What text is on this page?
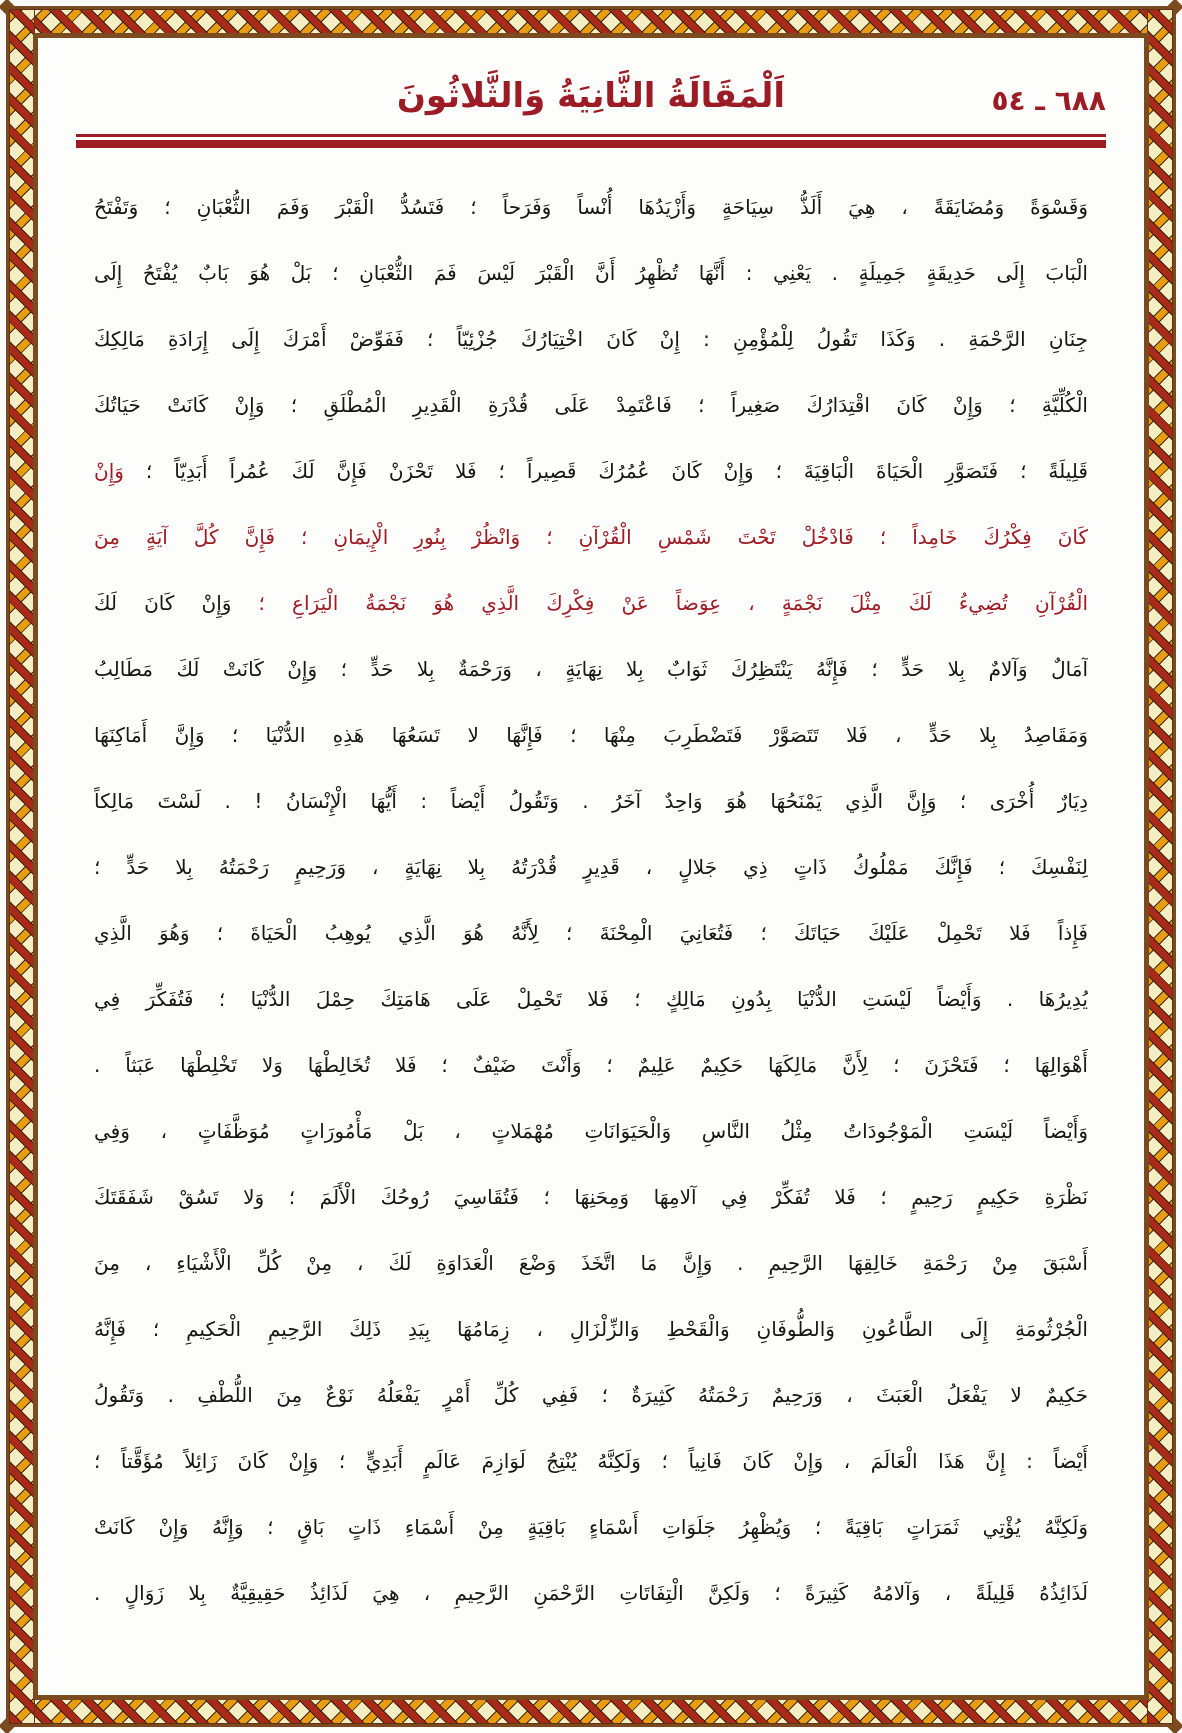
٦٨٨ ـ ٥٤
اَلْمَقَالَةُ الثَّانِيَةُ وَالثَّلاثُونَ
وَقَسْوَةً وَمُضَايَقَةً ، هِيَ أَلَذُّ سِيَاحَةٍ وَأَزْيَدُهَا أُنْساً وَفَرَحاً ؛ فَتَسُدُّ الْقَبْرَ وَفَمَ الثُّعْبَانِ ؛ وَتَفْتَحُ
الْبَابَ إِلَى حَدِيقَةٍ جَمِيلَةٍ . يَعْنِي : أَنَّهَا تُظْهِرُ أَنَّ الْقَبْرَ لَيْسَ فَمَ الثُّعْبَانِ ؛ بَلْ هُوَ بَابٌ يُفْتَحُ إِلَى
جِنَانِ الرَّحْمَةِ . وَكَذَا تَقُولُ لِلْمُؤْمِنِ : إِنْ كَانَ اخْتِيَارُكَ جُزْئِيّاً ؛ فَفَوِّضْ أَمْرَكَ إِلَى إِرَادَةِ مَالِكِكَ
الْكُلِّيَّةِ ؛ وَإِنْ كَانَ اقْتِدَارُكَ صَغِيراً ؛ فَاعْتَمِدْ عَلَى قُدْرَةِ الْقَدِيرِ الْمُطْلَقِ ؛ وَإِنْ كَانَتْ حَيَاتُكَ
قَلِيلَةً ؛ فَتَصَوَّرِ الْحَيَاةَ الْبَاقِيَةَ ؛ وَإِنْ كَانَ عُمُرُكَ قَصِيراً ؛ فَلا تَحْزَنْ فَإِنَّ لَكَ عُمُراً أَبَدِيّاً ؛ وَإِنْ
كَانَ فِكْرُكَ خَامِداً ؛ فَادْخُلْ تَحْتَ شَمْسِ الْقُرْآنِ ؛ وَانْظُرْ بِنُورِ الْإِيمَانِ ؛ فَإِنَّ كُلَّ آيَةٍ مِنَ
الْقُرْآنِ تُضِيءُ لَكَ مِثْلَ نَجْمَةٍ ، عِوَضاً عَنْ فِكْرِكَ الَّذِي هُوَ نَجْمَةُ الْيَرَاعِ ؛ وَإِنْ كَانَ لَكَ
آمَالٌ وَآلامٌ بِلا حَدٍّ ؛ فَإِنَّهُ يَنْتَظِرُكَ ثَوَابٌ بِلا نِهَايَةٍ ، وَرَحْمَةٌ بِلا حَدٍّ ؛ وَإِنْ كَانَتْ لَكَ مَطَالِبُ
وَمَقَاصِدُ بِلا حَدٍّ ، فَلا تَتَصَوَّرْ فَتَضْطَرِبَ مِنْهَا ؛ فَإِنَّهَا لا تَسَعُهَا هَذِهِ الدُّنْيَا ؛ وَإِنَّ أَمَاكِنَهَا
دِيَارٌ أُخْرَى ؛ وَإِنَّ الَّذِي يَمْنَحُهَا هُوَ وَاحِدٌ آخَرُ . وَتَقُولُ أَيْضاً : أَيُّهَا الْإِنْسَانُ ! . لَسْتَ مَالِكاً
لِنَفْسِكَ ؛ فَإِنَّكَ مَمْلُوكُ ذَاتٍ ذِي جَلالٍ ، قَدِيرٍ قُدْرَتُهُ بِلا نِهَايَةٍ ، وَرَحِيمٍ رَحْمَتُهُ بِلا حَدٍّ ؛
فَإِذاً فَلا تَحْمِلْ عَلَيْكَ حَيَاتَكَ ؛ فَتُعَانِيَ الْمِحْنَةَ ؛ لِأَنَّهُ هُوَ الَّذِي يُوهِبُ الْحَيَاةَ ؛ وَهُوَ الَّذِي
يُدِيرُهَا . وَأَيْضاً لَيْسَتِ الدُّنْيَا بِدُونِ مَالِكٍ ؛ فَلا تَحْمِلْ عَلَى هَامَتِكَ حِمْلَ الدُّنْيَا ؛ فَتُفَكِّرَ فِي
أَهْوَالِهَا ؛ فَتَحْزَنَ ؛ لِأَنَّ مَالِكَهَا حَكِيمٌ عَلِيمٌ ؛ وَأَنْتَ ضَيْفٌ ؛ فَلا تُخَالِطْهَا وَلا تَخْلِطْهَا عَبَثاً .
وَأَيْضاً لَيْسَتِ الْمَوْجُودَاتُ مِثْلُ النَّاسِ وَالْحَيَوَانَاتِ مُهْمَلاتٍ ، بَلْ مَأْمُورَاتٍ مُوَظَّفَاتٍ ، وَفِي
نَظْرَةِ حَكِيمٍ رَحِيمٍ ؛ فَلا تُفَكِّرْ فِي آلامِهَا وَمِحَنِهَا ؛ فَتُقَاسِيَ رُوحُكَ الْأَلَمَ ؛ وَلا تَسُقْ شَفَقَتَكَ
أَسْبَقَ مِنْ رَحْمَةِ خَالِقِهَا الرَّحِيمِ . وَإِنَّ مَا اتَّخَذَ وَضْعَ الْعَدَاوَةِ لَكَ ، مِنْ كُلِّ الْأَشْيَاءِ ، مِنَ
الْجُرْثُومَةِ إِلَى الطَّاعُونِ وَالطُّوفَانِ وَالْقَحْطِ وَالزِّلْزَالِ ، زِمَامُهَا بِيَدِ ذَلِكَ الرَّحِيمِ الْحَكِيمِ ؛ فَإِنَّهُ
حَكِيمٌ لا يَفْعَلُ الْعَبَثَ ، وَرَحِيمٌ رَحْمَتُهُ كَثِيرَةٌ ؛ فَفِي كُلِّ أَمْرٍ يَفْعَلُهُ نَوْعٌ مِنَ اللُّطْفِ . وَتَقُولُ
أَيْضاً : إِنَّ هَذَا الْعَالَمَ ، وَإِنْ كَانَ فَانِياً ؛ وَلَكِنَّهُ يُنْتِجُ لَوَازِمَ عَالَمٍ أَبَدِيٍّ ؛ وَإِنْ كَانَ زَائِلاً مُؤَقَّتاً ؛
وَلَكِنَّهُ يُؤْتِي ثَمَرَاتٍ بَاقِيَةً ؛ وَيُظْهِرُ جَلَوَاتِ أَسْمَاءٍ بَاقِيَةٍ مِنْ أَسْمَاءِ ذَاتٍ بَاقٍ ؛ وَإِنَّهُ وَإِنْ كَانَتْ
لَذَائِذُهُ قَلِيلَةً ، وَآلامُهُ كَثِيرَةً ؛ وَلَكِنَّ الْتِفَاتَاتِ الرَّحْمَنِ الرَّحِيمِ ، هِيَ لَذَائِذُ حَقِيقِيَّةٌ بِلا زَوَالٍ .
